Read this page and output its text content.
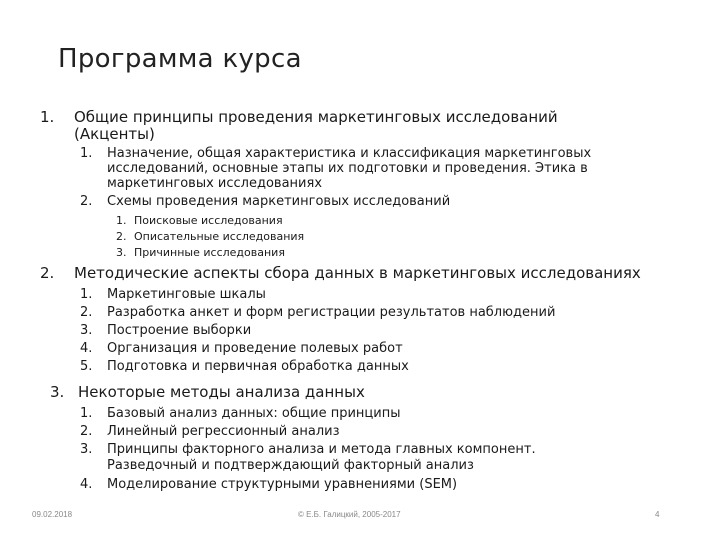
Программа курса
1. Общие принципы проведения маркетинговых исследований
(Акценты)
1. Назначение, общая характеристика и классификация маркетинговых
исследований, основные этапы их подготовки и проведения. Этика в
маркетинговых исследованиях
2. Схемы проведения маркетинговых исследований
1. Поисковые исследования
2. Описательные исследования
3. Причинные исследования
2. Методические аспекты сбора данных в маркетинговых исследованиях
1. Маркетинговые шкалы
2. Разработка анкет и форм регистрации результатов наблюдений
3. Построение выборки
4. Организация и проведение полевых работ
5. Подготовка и первичная обработка данных
3. Некоторые методы анализа данных
1. Базовый анализ данных: общие принципы
2. Линейный регрессионный анализ
3. Принципы факторного анализа и метода главных компонент.
Разведочный и подтверждающий факторный анализ
4. Моделирование структурными уравнениями (SEM)
09.02.2018	© Е.Б. Галицкий, 2005-2017	4
